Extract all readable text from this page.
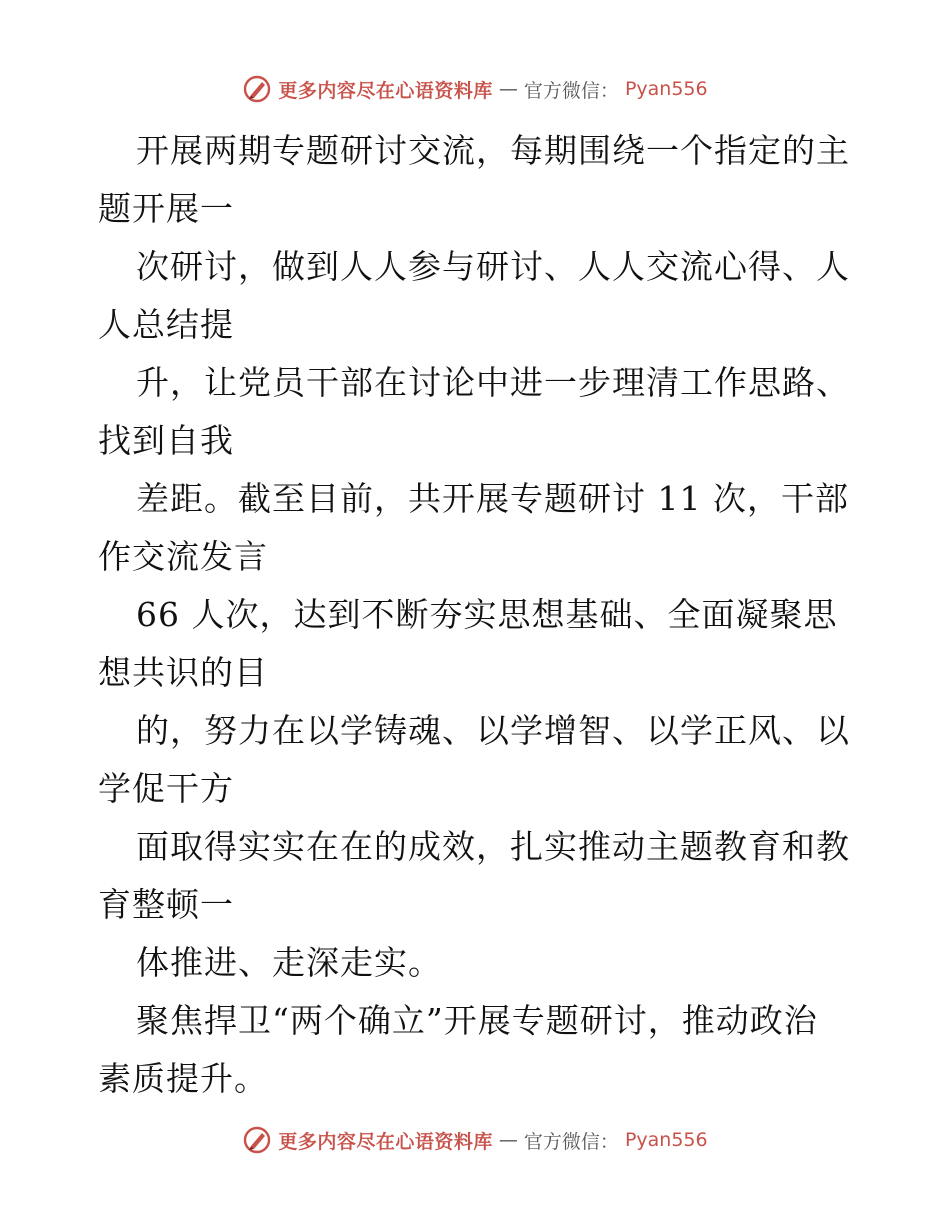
更多内容尽在心语资料库 — 官方微信： Pyan556
开展两期专题研讨交流，每期围绕一个指定的主
题开展一
次研讨，做到人人参与研讨、人人交流心得、人
人总结提
升，让党员干部在讨论中进一步理清工作思路、
找到自我
差距。截至目前，共开展专题研讨 11 次，干部
作交流发言
66 人次，达到不断夯实思想基础、全面凝聚思
想共识的目
的，努力在以学铸魂、以学增智、以学正风、以
学促干方
面取得实实在在的成效，扎实推动主题教育和教
育整顿一
体推进、走深走实。
聚焦捍卫“两个确立”开展专题研讨，推动政治
素质提升。
更多内容尽在心语资料库 — 官方微信： Pyan556
